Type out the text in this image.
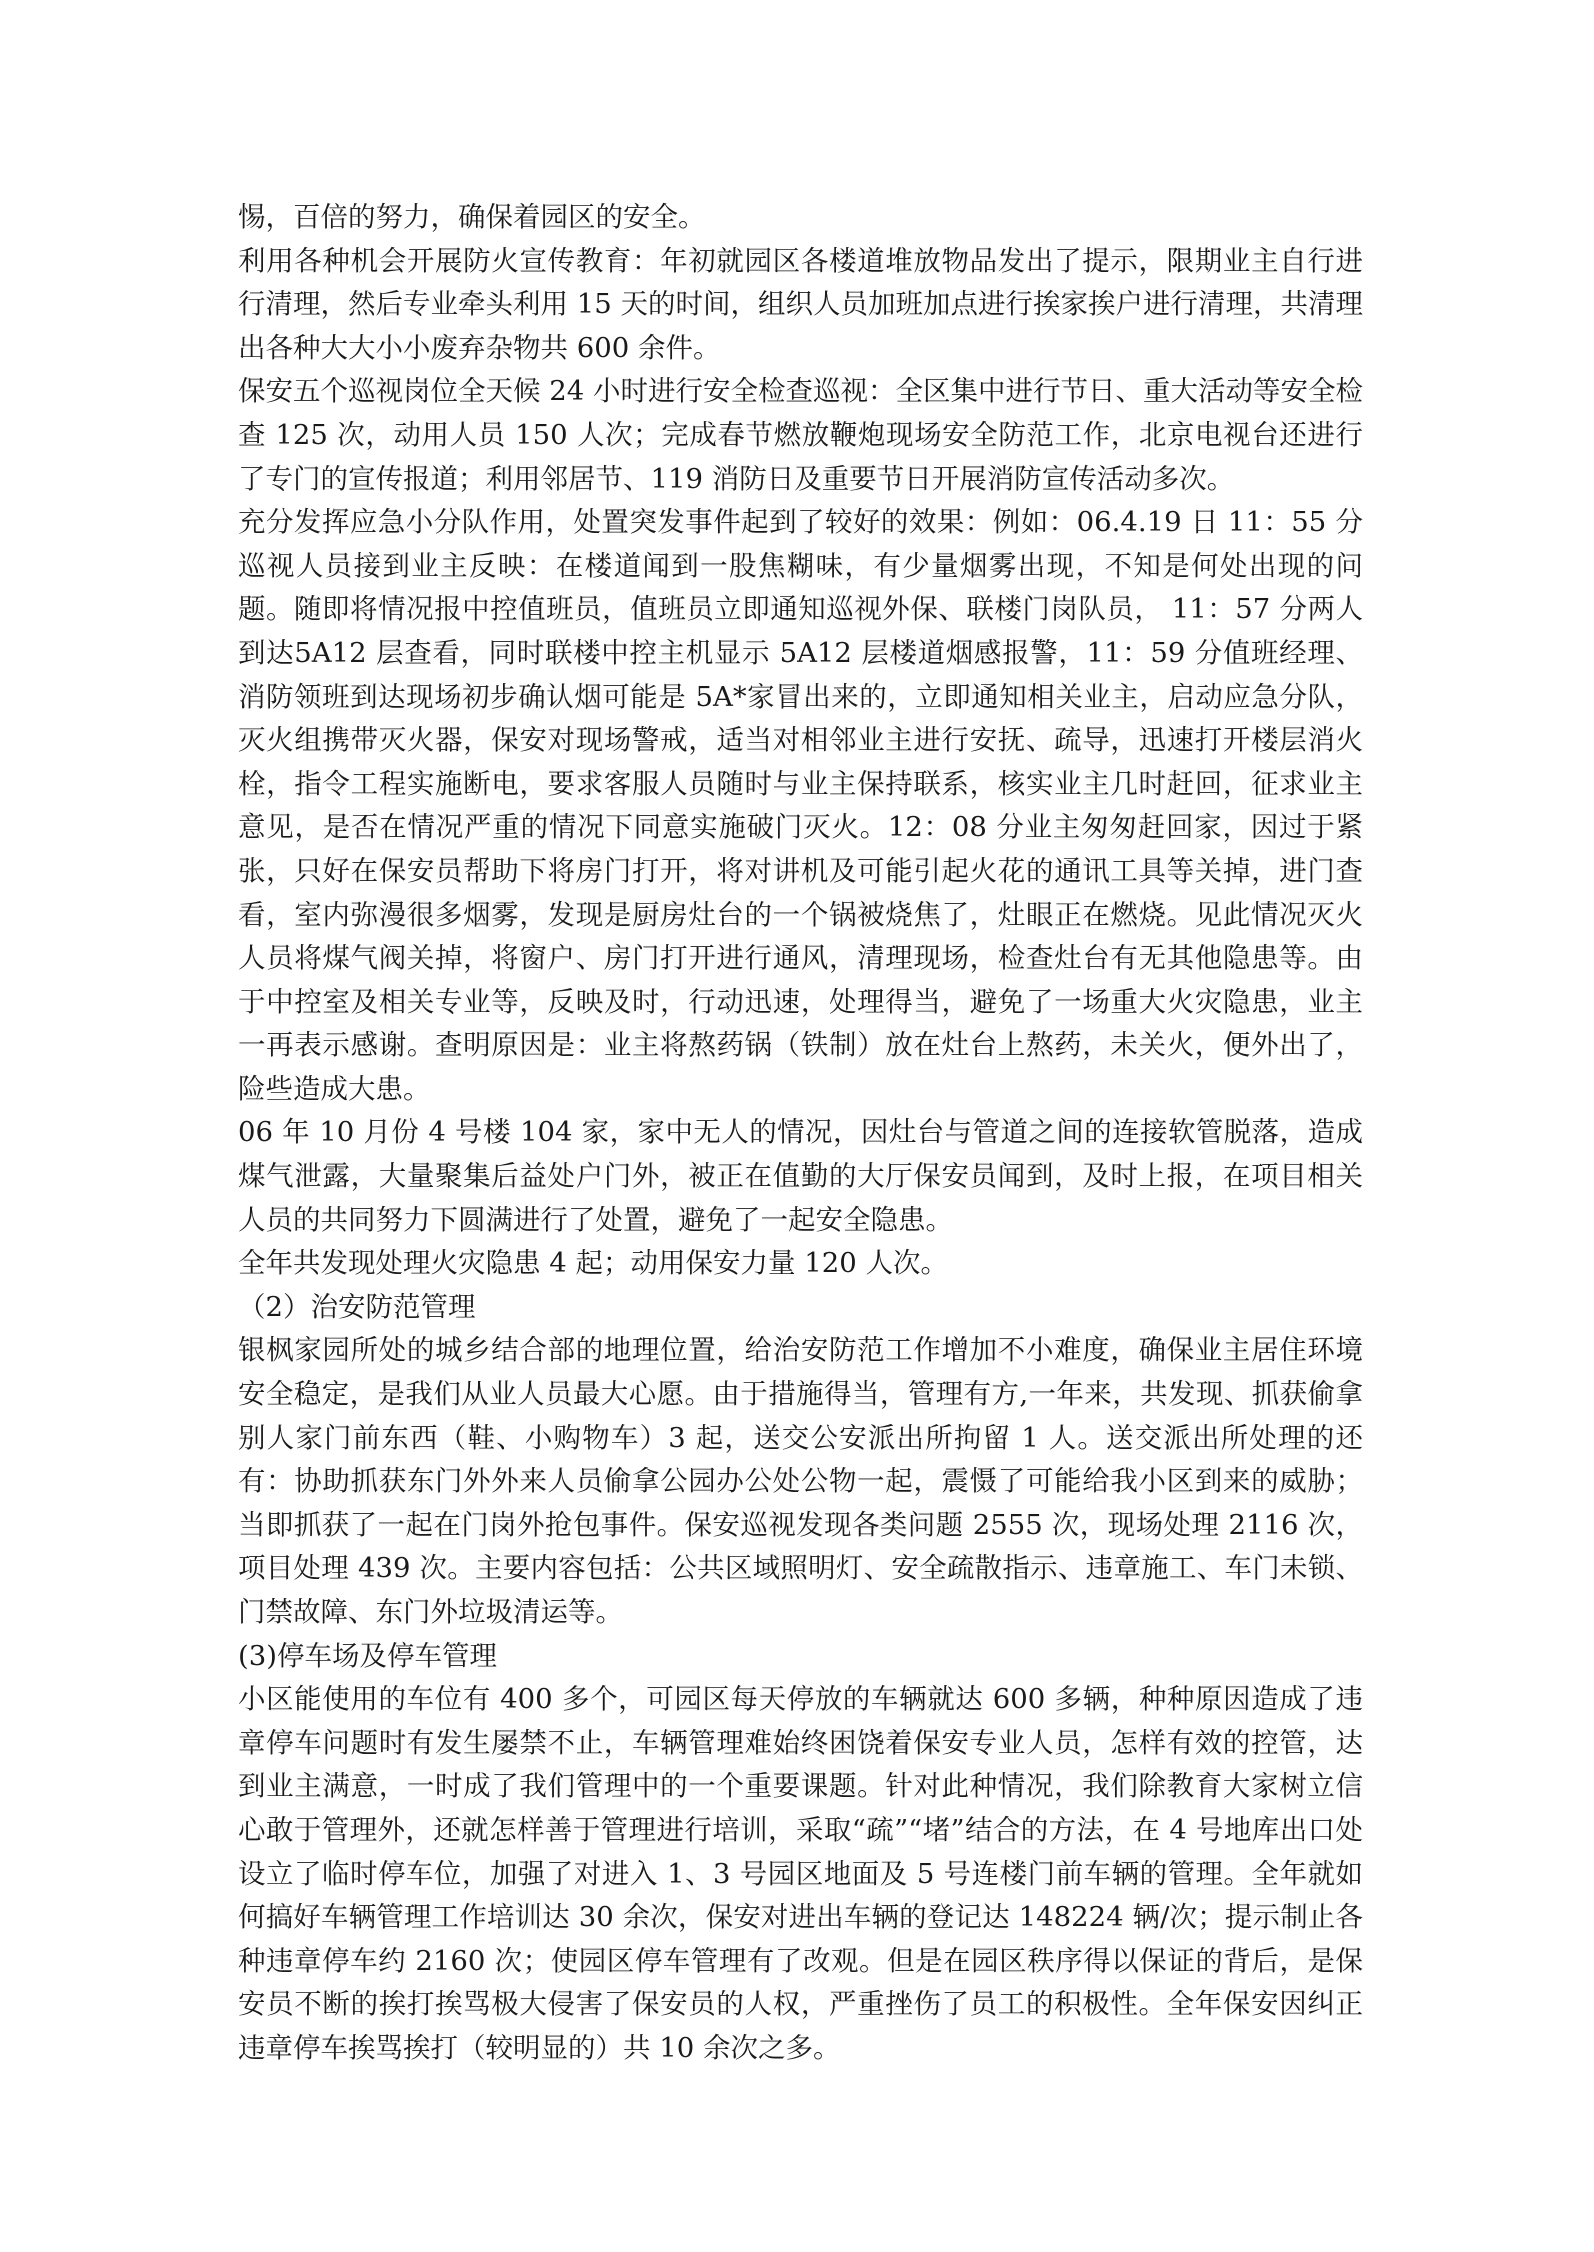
惕，百倍的努力，确保着园区的安全。

利用各种机会开展防火宣传教育：年初就园区各楼道堆放物品发出了提示，限期业主自行进行清理，然后专业牵头利用 15 天的时间，组织人员加班加点进行挨家挨户进行清理，共清理出各种大大小小废弃杂物共 600 余件。

保安五个巡视岗位全天候 24 小时进行安全检查巡视：全区集中进行节日、重大活动等安全检查 125 次，动用人员 150 人次；完成春节燃放鞭炮现场安全防范工作，北京电视台还进行了专门的宣传报道；利用邻居节、119 消防日及重要节日开展消防宣传活动多次。

充分发挥应急小分队作用，处置突发事件起到了较好的效果：例如：06.4.19 日 11：55 分巡视人员接到业主反映：在楼道闻到一股焦糊味，有少量烟雾出现，不知是何处出现的问题。随即将情况报中控值班员，值班员立即通知巡视外保、联楼门岗队员， 11：57 分两人到达5A12 层查看，同时联楼中控主机显示 5A12 层楼道烟感报警，11：59 分值班经理、消防领班到达现场初步确认烟可能是 5A*家冒出来的，立即通知相关业主，启动应急分队，灭火组携带灭火器，保安对现场警戒，适当对相邻业主进行安抚、疏导，迅速打开楼层消火栓，指令工程实施断电，要求客服人员随时与业主保持联系，核实业主几时赶回，征求业主意见，是否在情况严重的情况下同意实施破门灭火。12：08 分业主匆匆赶回家，因过于紧张，只好在保安员帮助下将房门打开，将对讲机及可能引起火花的通讯工具等关掉，进门查看，室内弥漫很多烟雾，发现是厨房灶台的一个锅被烧焦了，灶眼正在燃烧。见此情况灭火人员将煤气阀关掉，将窗户、房门打开进行通风，清理现场，检查灶台有无其他隐患等。由于中控室及相关专业等，反映及时，行动迅速，处理得当，避免了一场重大火灾隐患，业主一再表示感谢。查明原因是：业主将熬药锅（铁制）放在灶台上熬药，未关火，便外出了，险些造成大患。

06 年 10 月份 4 号楼 104 家，家中无人的情况，因灶台与管道之间的连接软管脱落，造成煤气泄露，大量聚集后益处户门外，被正在值勤的大厅保安员闻到，及时上报，在项目相关人员的共同努力下圆满进行了处置，避免了一起安全隐患。

全年共发现处理火灾隐患 4 起；动用保安力量 120 人次。

（2）治安防范管理

银枫家园所处的城乡结合部的地理位置，给治安防范工作增加不小难度，确保业主居住环境安全稳定，是我们从业人员最大心愿。由于措施得当，管理有方,一年来，共发现、抓获偷拿别人家门前东西（鞋、小购物车）3 起，送交公安派出所拘留 1 人。送交派出所处理的还有：协助抓获东门外外来人员偷拿公园办公处公物一起，震慑了可能给我小区到来的威胁；当即抓获了一起在门岗外抢包事件。保安巡视发现各类问题 2555 次，现场处理 2116 次，项目处理 439 次。主要内容包括：公共区域照明灯、安全疏散指示、违章施工、车门未锁、门禁故障、东门外垃圾清运等。

(3)停车场及停车管理

小区能使用的车位有 400 多个，可园区每天停放的车辆就达 600 多辆，种种原因造成了违章停车问题时有发生屡禁不止，车辆管理难始终困饶着保安专业人员，怎样有效的控管，达到业主满意，一时成了我们管理中的一个重要课题。针对此种情况，我们除教育大家树立信心敢于管理外，还就怎样善于管理进行培训，采取“疏”“堵”结合的方法，在 4 号地库出口处设立了临时停车位，加强了对进入 1、3 号园区地面及 5 号连楼门前车辆的管理。全年就如何搞好车辆管理工作培训达 30 余次，保安对进出车辆的登记达 148224 辆/次；提示制止各种违章停车约 2160 次；使园区停车管理有了改观。但是在园区秩序得以保证的背后，是保安员不断的挨打挨骂极大侵害了保安员的人权，严重挫伤了员工的积极性。全年保安因纠正违章停车挨骂挨打（较明显的）共 10 余次之多。
